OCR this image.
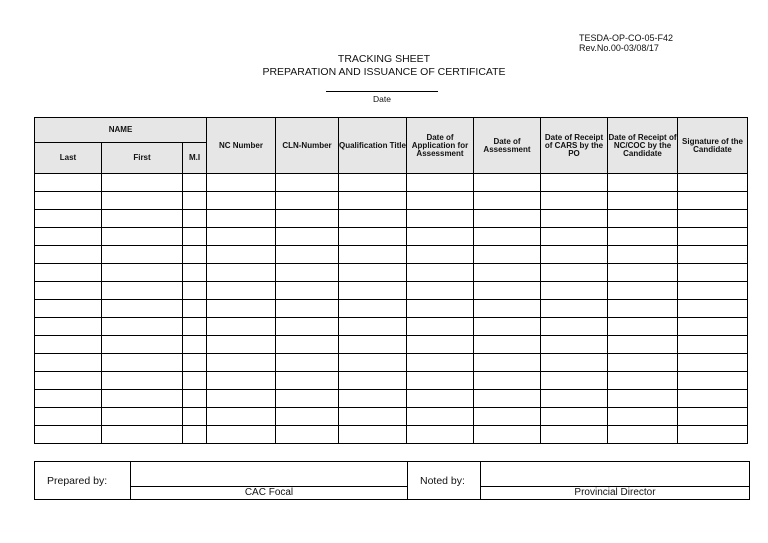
TESDA-OP-CO-05-F42
Rev.No.00-03/08/17
TRACKING SHEET
PREPARATION AND ISSUANCE OF CERTIFICATE
Date
NAME			NC Number	CLN-Number	Qualification Title	Date of Application for Assessment	Date of Assessment	Date of Receipt of CARS by the PO	Date of Receipt of NC/COC by the Candidate	Signature of the Candidate
Last	First	M.I								

Prepared by:		Noted by:	
	CAC Focal		Provincial Director
